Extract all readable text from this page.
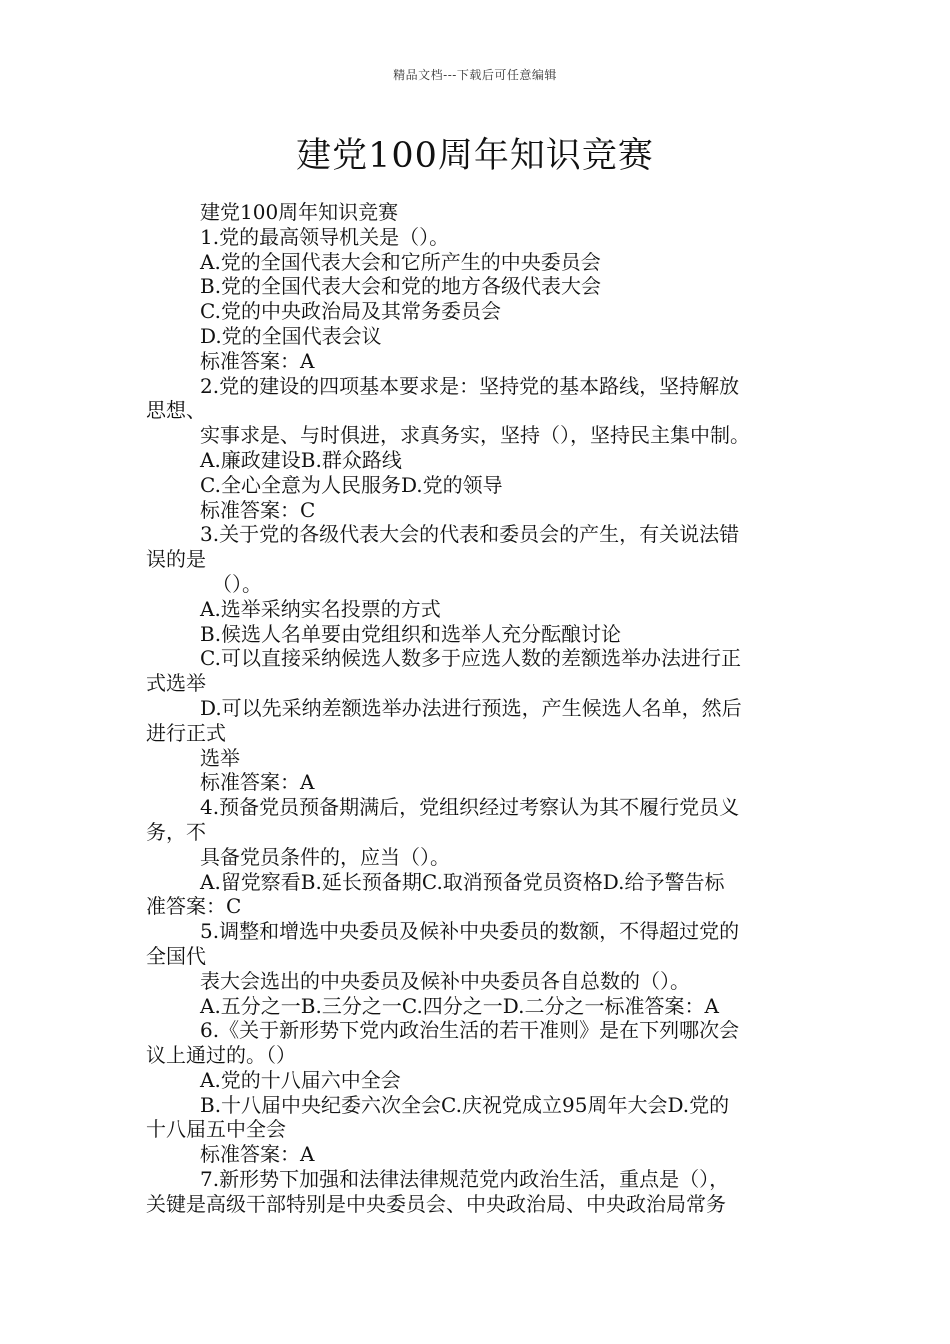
精品文档---下载后可任意编辑
建党100周年知识竞赛
建党100周年知识竞赛
1.党的最高领导机关是（）。
A.党的全国代表大会和它所产生的中央委员会
B.党的全国代表大会和党的地方各级代表大会
C.党的中央政治局及其常务委员会
D.党的全国代表会议
标准答案：A
2.党的建设的四项基本要求是：坚持党的基本路线，坚持解放
思想、
实事求是、与时俱进，求真务实，坚持（），坚持民主集中制。
A.廉政建设B.群众路线
C.全心全意为人民服务D.党的领导
标准答案：C
3.关于党的各级代表大会的代表和委员会的产生，有关说法错
误的是
（）。
A.选举采纳实名投票的方式
B.候选人名单要由党组织和选举人充分酝酿讨论
C.可以直接采纳候选人数多于应选人数的差额选举办法进行正
式选举
D.可以先采纳差额选举办法进行预选，产生候选人名单，然后
进行正式
选举
标准答案：A
4.预备党员预备期满后，党组织经过考察认为其不履行党员义
务，不
具备党员条件的，应当（）。
A.留党察看B.延长预备期C.取消预备党员资格D.给予警告标
准答案：C
5.调整和增选中央委员及候补中央委员的数额，不得超过党的
全国代
表大会选出的中央委员及候补中央委员各自总数的（）。
A.五分之一B.三分之一C.四分之一D.二分之一标准答案：A
6.《关于新形势下党内政治生活的若干准则》是在下列哪次会
议上通过的。（）
A.党的十八届六中全会
B.十八届中央纪委六次全会C.庆祝党成立95周年大会D.党的
十八届五中全会
标准答案：A
7.新形势下加强和法律法律规范党内政治生活，重点是（），
关键是高级干部特别是中央委员会、中央政治局、中央政治局常务
